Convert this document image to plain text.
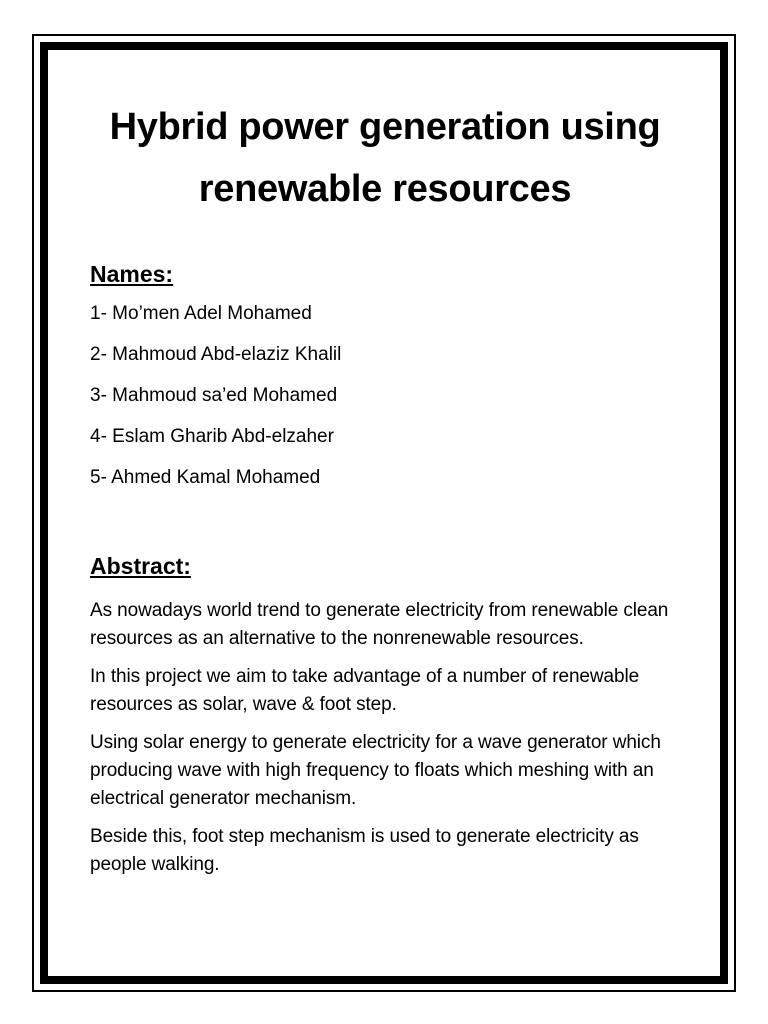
Hybrid power generation using
renewable resources
Names:
1- Mo’men Adel Mohamed
2- Mahmoud Abd-elaziz Khalil
3- Mahmoud sa’ed Mohamed
4- Eslam Gharib Abd-elzaher
5- Ahmed Kamal Mohamed
Abstract:

As nowadays world trend to generate electricity from renewable clean resources as an alternative to the nonrenewable resources.

In this project we aim to take advantage of a number of renewable resources as solar, wave & foot step.

Using solar energy to generate electricity for a wave generator which producing wave with high frequency to floats which meshing with an electrical generator mechanism.

Beside this, foot step mechanism is used to generate electricity as people walking.
